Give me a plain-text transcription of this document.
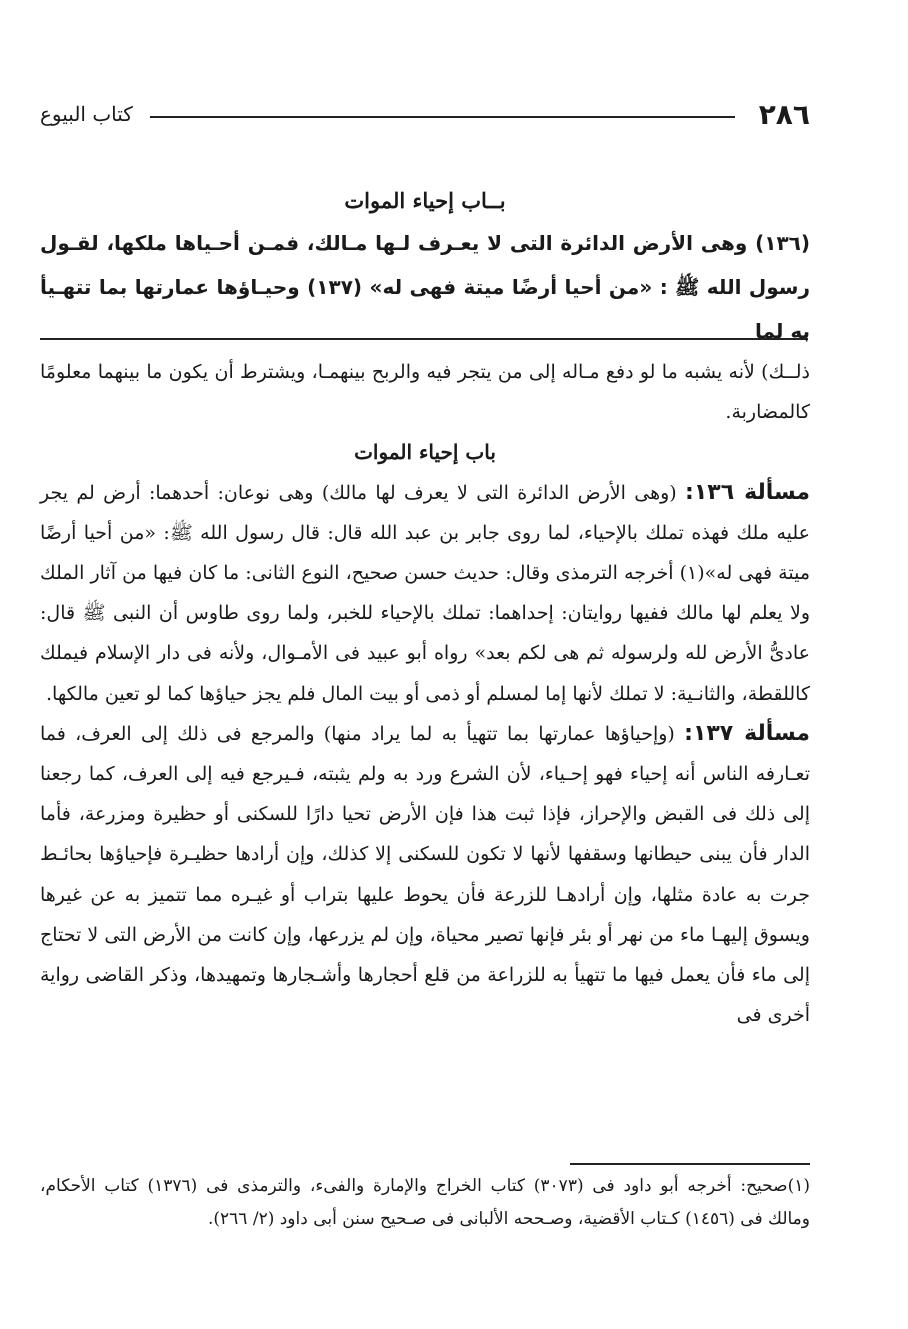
٢٨٦
كتاب البيوع

بــاب إحياء الموات

(١٣٦) وهى الأرض الدائرة التى لا يعـرف لـها مـالك، فمـن أحـياها ملكها، لقـول رسول الله ﷺ : «من أحيا أرضًا ميتة فهى له» (١٣٧) وحيـاؤها عمارتها بما تتهـيأ به لما

ذلــك) لأنه يشبه ما لو دفع مـاله إلى من يتجر فيه والربح بينهمـا، ويشترط أن يكون ما بينهما معلومًا كالمضاربة.

باب إحياء الموات

مسألة ١٣٦: (وهى الأرض الدائرة التى لا يعرف لها مالك) وهى نوعان: أحدهما: أرض لم يجر عليه ملك فهذه تملك بالإحياء، لما روى جابر بن عبد الله قال: قال رسول الله ﷺ: «من أحيا أرضًا ميتة فهى له»(١) أخرجه الترمذى وقال: حديث حسن صحيح، النوع الثانى: ما كان فيها من آثار الملك ولا يعلم لها مالك ففيها روايتان: إحداهما: تملك بالإحياء للخبر، ولما روى طاوس أن النبى ﷺ قال: عادىُّ الأرض لله ولرسوله ثم هى لكم بعد» رواه أبو عبيد فى الأمـوال، ولأنه فى دار الإسلام فيملك كاللقطة، والثانـية: لا تملك لأنها إما لمسلم أو ذمى أو بيت المال فلم يجز حياؤها كما لو تعين مالكها.

مسألة ١٣٧: (وإحياؤها عمارتها بما تتهيأ به لما يراد منها) والمرجع فى ذلك إلى العرف، فما تعـارفه الناس أنه إحياء فهو إحـياء، لأن الشرع ورد به ولم يثبته، فـيرجع فيه إلى العرف، كما رجعنا إلى ذلك فى القبض والإحراز، فإذا ثبت هذا فإن الأرض تحيا دارًا للسكنى أو حظيرة ومزرعة، فأما الدار فأن يبنى حيطانها وسقفها لأنها لا تكون للسكنى إلا كذلك، وإن أرادها حظيـرة فإحياؤها بحائـط جرت به عادة مثلها، وإن أرادهـا للزرعة فأن يحوط عليها بتراب أو غيـره مما تتميز به عن غيرها ويسوق إليهـا ماء من نهر أو بئر فإنها تصير محياة، وإن لم يزرعها، وإن كانت من الأرض التى لا تحتاج إلى ماء فأن يعمل فيها ما تتهيأ به للزراعة من قلع أحجارها وأشـجارها وتمهيدها، وذكر القاضى رواية أخرى فى

(١)صحيح: أخرجه أبو داود فى (٣٠٧٣) كتاب الخراج والإمارة والفىء، والترمذى فى (١٣٧٦) كتاب الأحكام، ومالك فى (١٤٥٦) كـتاب الأقضية، وصـححه الألبانى فى صـحيح سنن أبى داود (٢/ ٢٦٦).
